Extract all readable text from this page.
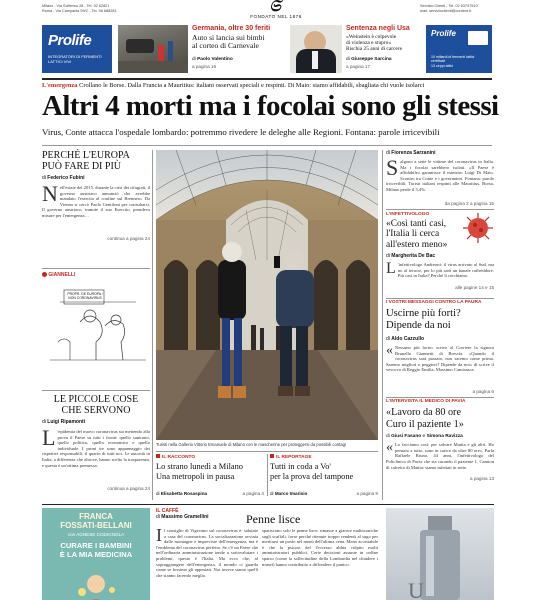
Milano - Via Solferino 28 - Tel. 02 62821
Roma - Via Campania 59/C - Tel. 06 688281
Servizio Clienti - Tel. 02 63797510
mail: servizioclienti@corriere.it
𝔖
FONDATO NEL 1876
Prolife
INTEGRATORI DI FERMENTI
LATTICI VIVI
Germania, oltre 30 feriti
Auto si lancia sui bimbi
al corteo di Carnevale
di Paolo Valentino
a pagina 16
Sentenza negli Usa
«Weinstein è colpevole
di violenza e stupro»
Rischia 25 anni di carcere
di Giuseppe Sarcina
a pagina 17
Prolife
10 miliardi di fermenti lattici certificati
13 ceppi attivi
L'emergenza Crollano le Borse. Dalla Francia a Mauritius: italiani osservati speciali e respinti. Di Maio: siamo affidabili, sbagliata chi vuole isolarci
Altri 4 morti ma i focolai sono gli stessi
Virus, Conte attacca l'ospedale lombardo: potremmo rivedere le deleghe alle Regioni. Fontana: parole irricevibili
PERCHÉ L'EUROPA
PUÒ FARE DI PIÙ
di Federico Fubini
Nell'estate del 2015, durante la crisi dei rifugiati, il governo austriaco annunciò che avrebbe mandato l'esercito al confine sul Brennero. Da Vienna si cercò Paolo Gentiloni per consultarsi. Il governo austriaco, tramite il suo Esercito, prendeva misure per l'emergenza…
continua a pagina 24
GIANNELLI
PROPR. DE EUROPA / NON CORONAVIRUS
LE PICCOLE COSE
CHE SERVONO
di Luigi Ripamonti
L 'epidemia del nuovo coronavirus sta mettendo alla prova il Paese su tutti i fronti: quello sanitario, quello politico, quello economico e quello individuale. I primi tre sono appannaggio dei rispettivi responsabili, il quarto di tutti noi. Le autorità in Italia, a differenza che altrove, hanno scelto la trasparenza, e questa è un'ottima premessa.
continua a pagina 24
Turisti nella Galleria Vittorio Emanuele di Milano con le mascherine per proteggersi da possibili contagi
IL RACCONTO
Lo strano lunedì a Milano
Una metropoli in pausa
di Elisabetta Rosaspina	a pagina 3
IL REPORTAGE
Tutti in coda a Vo'
per la prova del tampone
di Marco Imarisio	a pagina 9
di Fiorenza Sarzanini
Salgono a sette le vittime del coronavirus in Italia. Ma i focolai sarebbero isolati. «Il Paese è affidabile» garantisce il ministro Luigi Di Maio. Scontro tra Conte e i governatori. Fontana: parole irricevibili. Turisti italiani respinti alle Mauritius. Borsa, Milano perde il 5,4%.
da pagina 2 a pagina 15
L'INFETTIVOLOGO
«Così tanti casi,
l'Italia li cerca
all'estero meno»
di Margherita De Bac
L 'infettivologo Andreoni: il virus arrivato al Sud, ma no al terrore, per lo più sarà un banale raffreddore. Più casi in Italia? Perché li cerchiamo.
alle pagine 14 e 15
I VOSTRI MESSAGGI CONTRO LA PAURA
Uscirne più forti?
Dipende da noi
di Aldo Cazzullo
« Nessuno più forte» scrive al Corriere la signora Brunella Giannetti di Brescia. «Quando il coronavirus sarà passato, non saremo come prima. Saremo migliori o peggiori? Dipende da noi» di scrive il vescovo di Reggio Emilia, Massimo Camisasca.
a pagina 6
L'INTERVISTA IL MEDICO DI PAVIA
«Lavoro da 80 ore
Curo il paziente 1»
di Giusi Fasano e Simona Ravizza
« Lo facciamo così: per salvare Mattia e gli altri. Ho pensato a tutto, sono in carico da oltre 80 ore». Parla Raffaele Bruno, 44 anni, l'infettivologo del Policlinico di Pavia che sta curando il paziente 1. Camion di calcetto di Mattia: siamo infettati in sette.
a pagina 13
FRANCA
FOSSATI-BELLANI
con AGNESE CODIGNOLA
CURARE I BAMBINI
È LA MIA MEDICINA
IL CAFFÈ
di Massimo Gramellini	Penne lisce
Il consiglio di Vigevano sul coronavirus è: salutate a casa del coronavirus. La socializzazione avviata dalle montagne e impreviste dell'emergenza, ma è l'emblema del coronavirus perfetto. Se c'è un Paese che nell'ordinaria amministrazione tende a sottovalutare i problemi, questo è l'Italia. Ma ecco che, al sopraggiungere dell'emergenza, il mondo ci guarda come se fossimo gli appestati. Noi invece siamo quelli che stanno facendo meglio.
spariscono solo le penne lisce, rimasse a giacere malinconiche sugli scaffali, forse perché ritenute troppo rendenti al sugo per meritarsi un posto nel menù dell'ultima cena. Meno accettabile è che la psicosi del l'eccesso abbia colpito molti amministratori pubblici. Certe decisioni assunte in ordine sparso (come la sollecitudine della Lombardia nel chiudere i musei) hanno contribuito a diffondere il panico.
U
